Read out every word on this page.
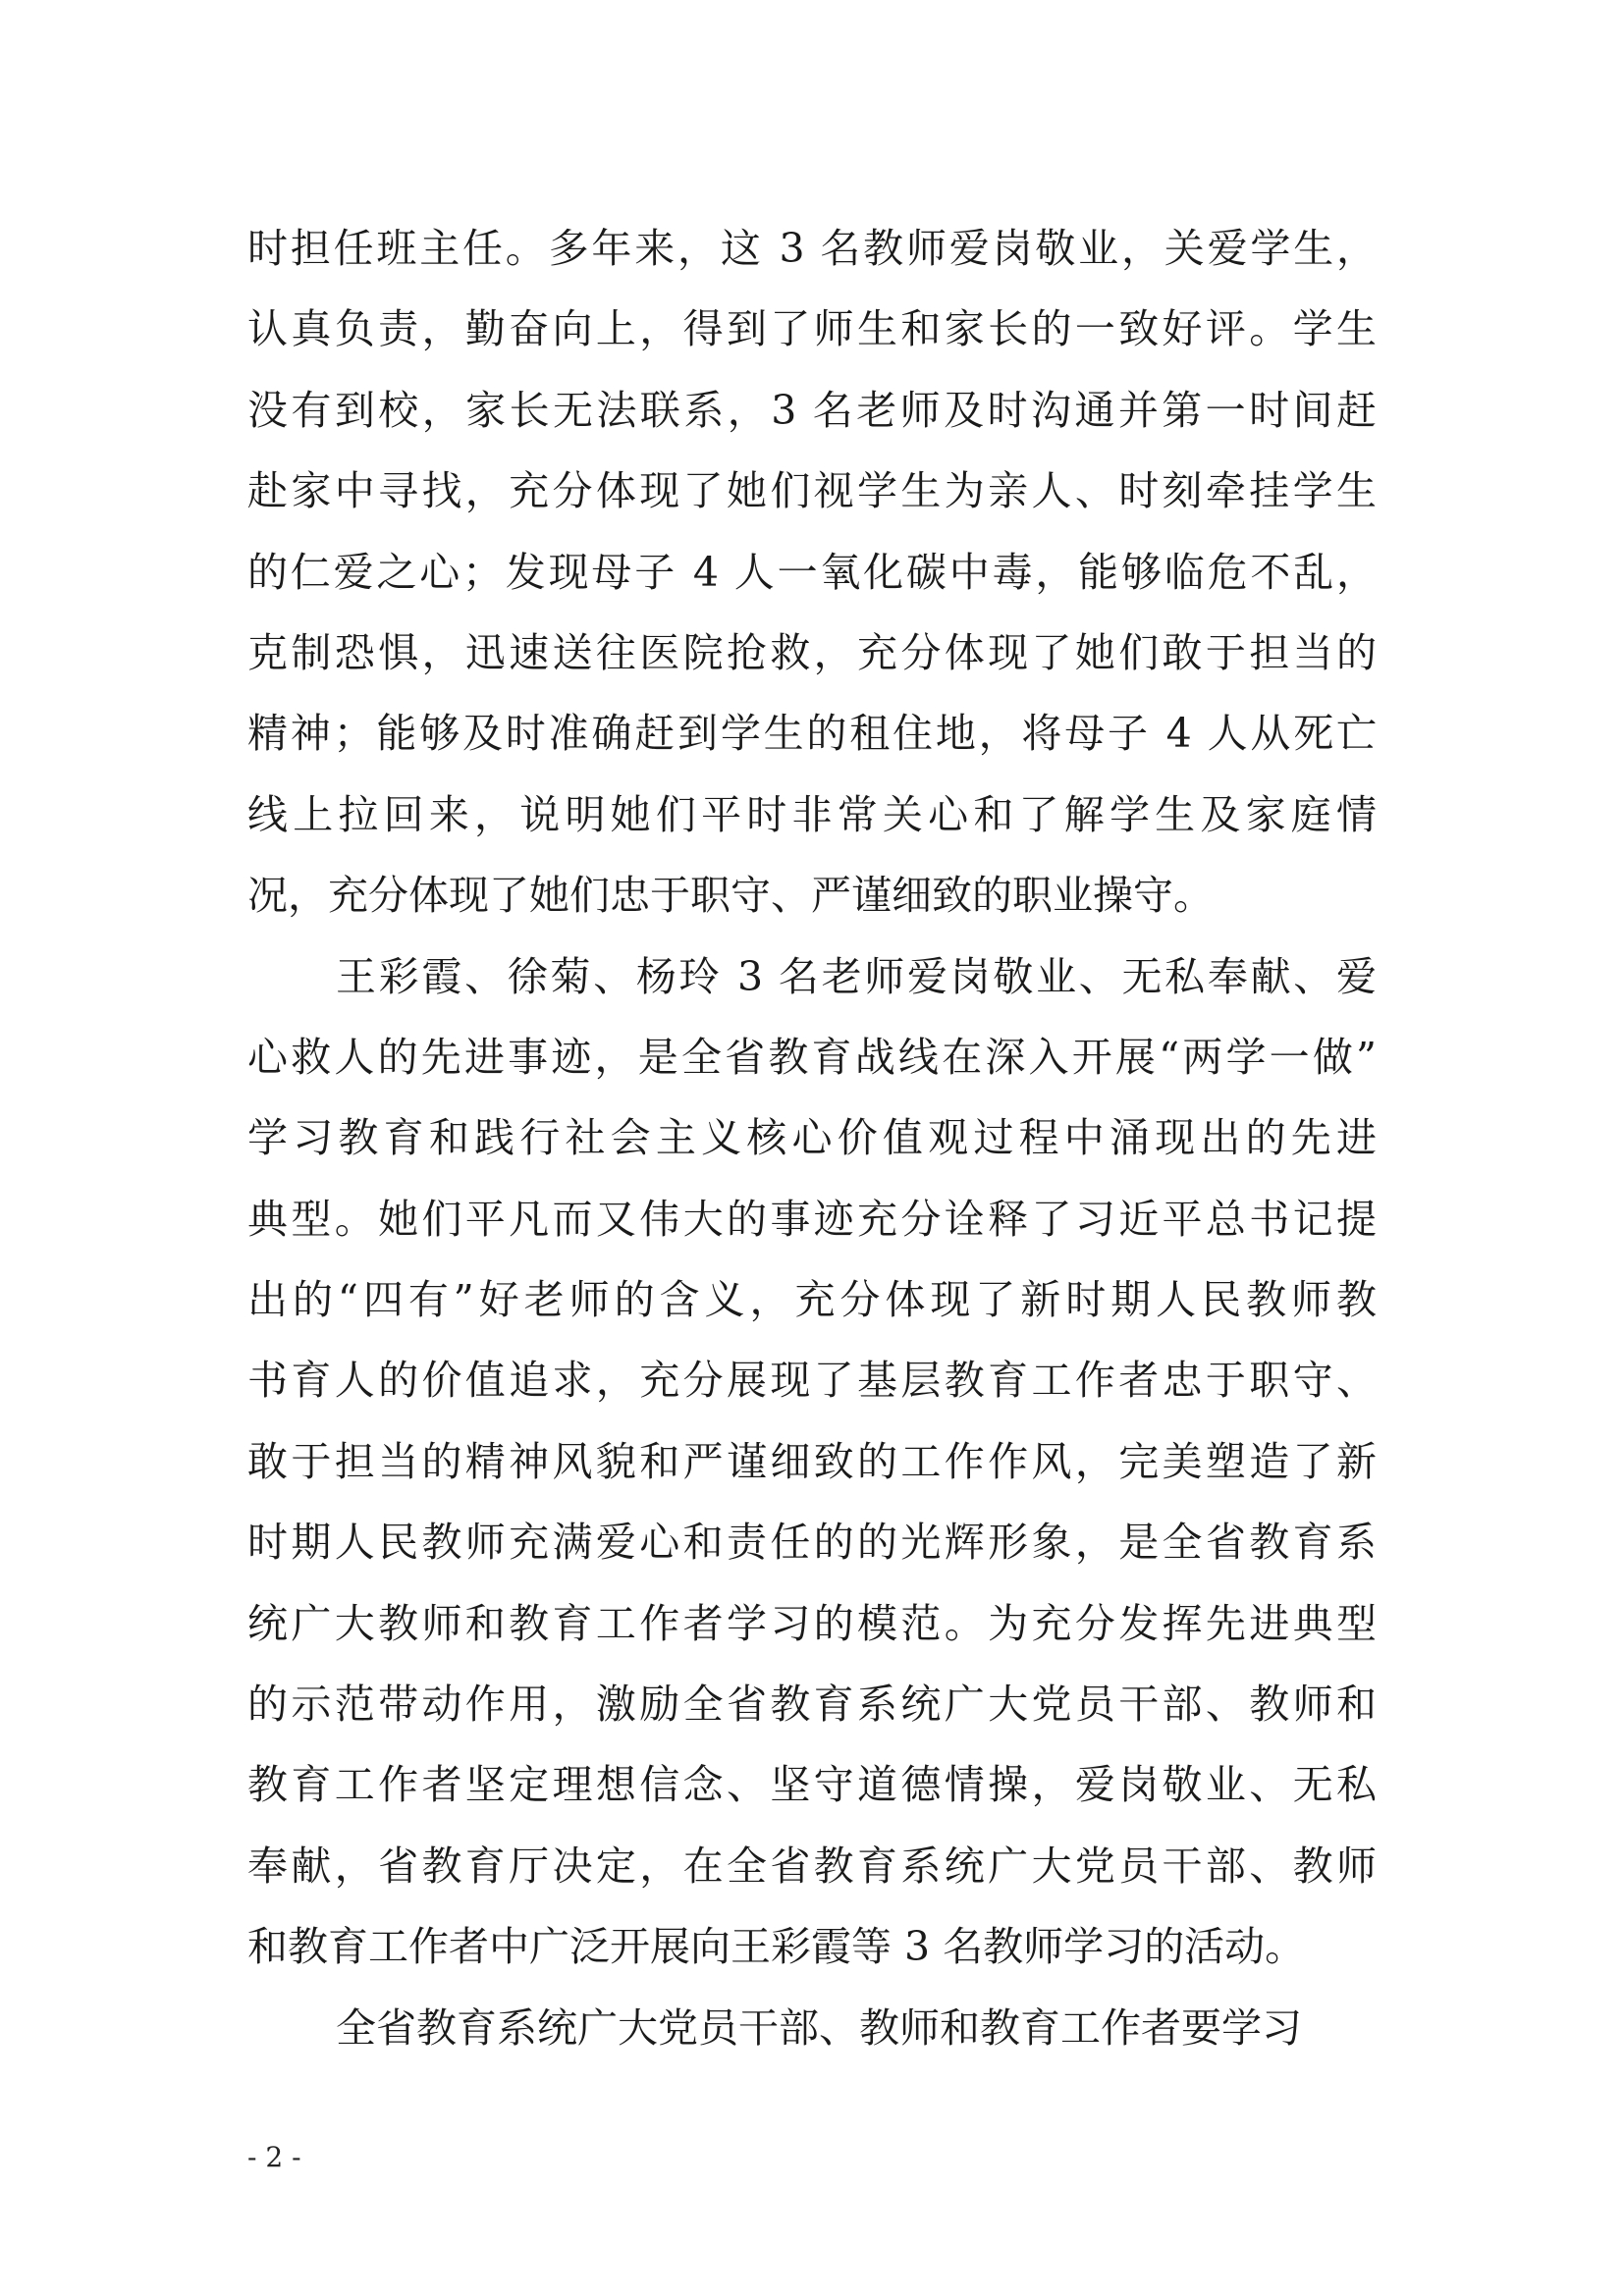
时担任班主任。多年来，这 3 名教师爱岗敬业，关爱学生，
认真负责，勤奋向上，得到了师生和家长的一致好评。学生
没有到校，家长无法联系，3 名老师及时沟通并第一时间赶
赴家中寻找，充分体现了她们视学生为亲人、时刻牵挂学生
的仁爱之心；发现母子 4 人一氧化碳中毒，能够临危不乱，
克制恐惧，迅速送往医院抢救，充分体现了她们敢于担当的
精神；能够及时准确赶到学生的租住地，将母子 4 人从死亡
线上拉回来，说明她们平时非常关心和了解学生及家庭情
况，充分体现了她们忠于职守、严谨细致的职业操守。
王彩霞、徐菊、杨玲 3 名老师爱岗敬业、无私奉献、爱
心救人的先进事迹，是全省教育战线在深入开展“两学一做”
学习教育和践行社会主义核心价值观过程中涌现出的先进
典型。她们平凡而又伟大的事迹充分诠释了习近平总书记提
出的“四有”好老师的含义，充分体现了新时期人民教师教
书育人的价值追求，充分展现了基层教育工作者忠于职守、
敢于担当的精神风貌和严谨细致的工作作风，完美塑造了新
时期人民教师充满爱心和责任的的光辉形象，是全省教育系
统广大教师和教育工作者学习的模范。为充分发挥先进典型
的示范带动作用，激励全省教育系统广大党员干部、教师和
教育工作者坚定理想信念、坚守道德情操，爱岗敬业、无私
奉献，省教育厅决定，在全省教育系统广大党员干部、教师
和教育工作者中广泛开展向王彩霞等 3 名教师学习的活动。
全省教育系统广大党员干部、教师和教育工作者要学习
- 2 -
